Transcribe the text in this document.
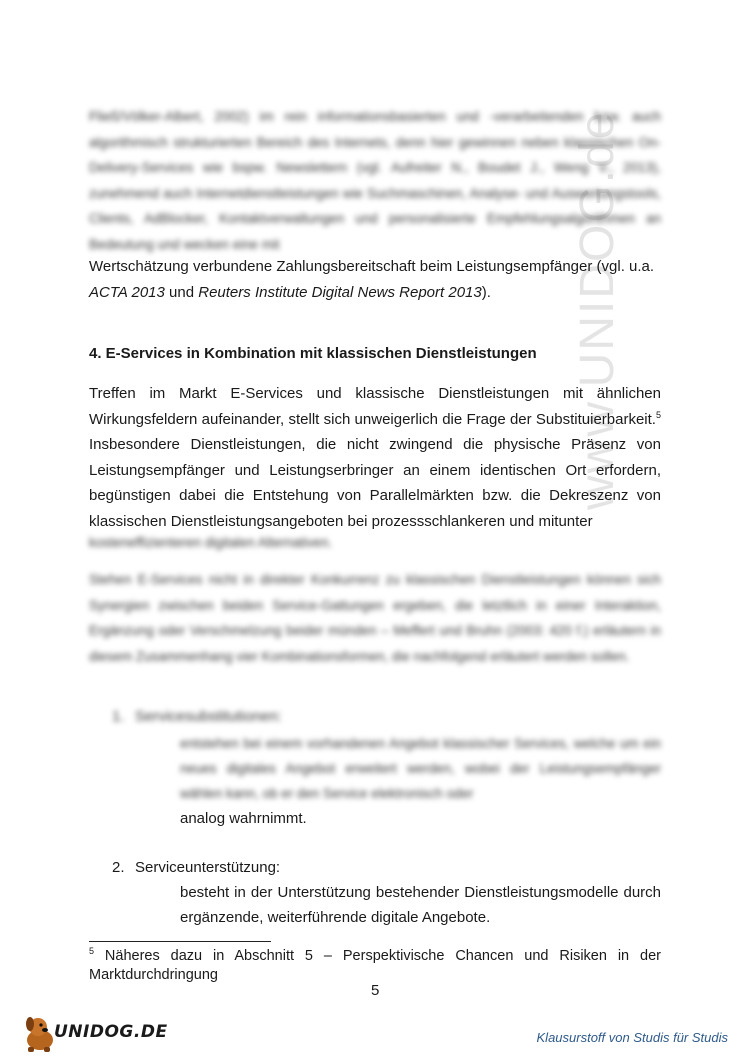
www.UNIDOG.de

Fließ/Völker-Albert, 2002) im rein informationsbasierten und -verarbeitenden bzw. auch algorithmisch strukturierten Bereich des Internets, denn hier gewinnen neben klassischen On-Delivery-Services wie bspw. Newslettern (vgl. Aufreiter N., Boudet J., Weng V., 2013), zunehmend auch Internetdienstleistungen wie Suchmaschinen, Analyse- und Auswertungstools, Clients, AdBlocker, Kontaktverwaltungen und personalisierte Empfehlungsalgorithmen an Bedeutung und wecken eine mit

Wertschätzung verbundene Zahlungsbereitschaft beim Leistungsempfänger (vgl. u.a.
ACTA 2013 und Reuters Institute Digital News Report 2013).

4. E-Services in Kombination mit klassischen Dienstleistungen

Treffen im Markt E-Services und klassische Dienstleistungen mit ähnlichen Wirkungsfeldern aufeinander, stellt sich unweigerlich die Frage der Substituierbarkeit.$^5$ Insbesondere Dienstleistungen, die nicht zwingend die physische Präsenz von Leistungsempfänger und Leistungserbringer an einem identischen Ort erfordern, begünstigen dabei die Entstehung von Parallelmärkten bzw. die Dekreszenz von klassischen Dienstleistungsangeboten bei prozessschlankeren und mitunter

kosteneffizienteren digitalen Alternativen.

Stehen E-Services nicht in direkter Konkurrenz zu klassischen Dienstleistungen können sich Synergien zwischen beiden Service-Gattungen ergeben, die letztlich in einer Interaktion, Ergänzung oder Verschmelzung beider münden – Meffert und Bruhn (2003: 420 f.) erläutern in diesem Zusammenhang vier Kombinationsformen, die nachfolgend erläutert werden sollen.

1. Servicesubstitutionen:

entstehen bei einem vorhandenen Angebot klassischer Services, welche um ein neues digitales Angebot erweitert werden, wobei der Leistungsempfänger wählen kann, ob er den Service elektronisch oder

analog wahrnimmt.

2. Serviceunterstützung:

besteht in der Unterstützung bestehender Dienstleistungsmodelle durch ergänzende, weiterführende digitale Angebote.

$^5$ Näheres dazu in Abschnitt 5 – Perspektivische Chancen und Risiken in der Marktdurchdringung

5
UNIDOG.DE	Klausurstoff von Studis für Studis
